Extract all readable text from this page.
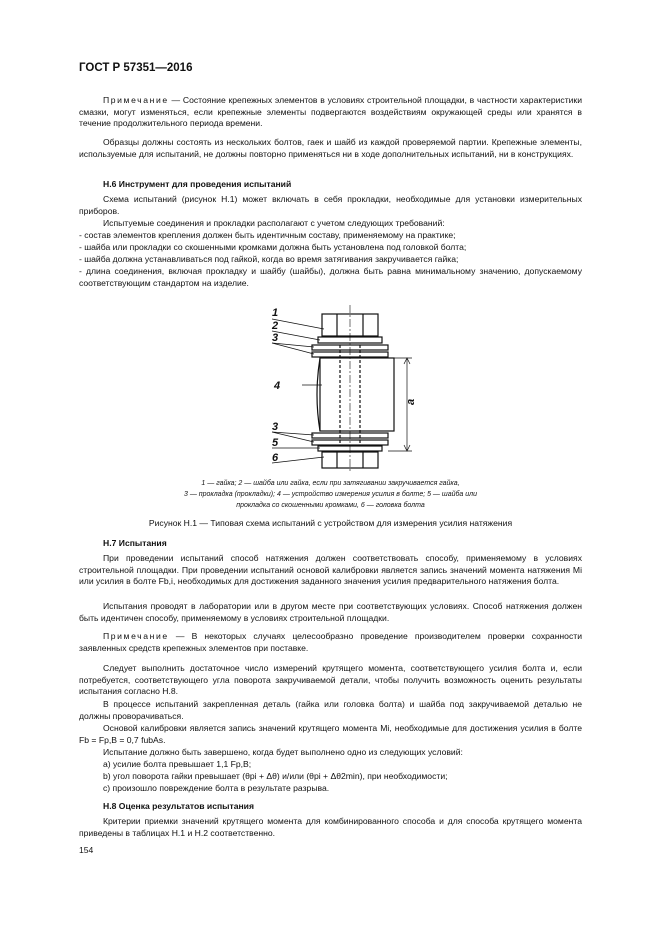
ГОСТ Р 57351—2016

Примечание — Состояние крепежных элементов в условиях строительной площадки, в частности характеристики смазки, могут изменяться, если крепежные элементы подвергаются воздействиям окружающей среды или хранятся в течение продолжительного периода времени.

Образцы должны состоять из нескольких болтов, гаек и шайб из каждой проверяемой партии. Крепежные элементы, используемые для испытаний, не должны повторно применяться ни в ходе дополнительных испытаний, ни в конструкциях.

Н.6 Инструмент для проведения испытаний

Схема испытаний (рисунок Н.1) может включать в себя прокладки, необходимые для установки измерительных приборов.

Испытуемые соединения и прокладки располагают с учетом следующих требований:

- состав элементов крепления должен быть идентичным составу, применяемому на практике;

- шайба или прокладки со скошенными кромками должна быть установлена под головкой болта;

- шайба должна устанавливаться под гайкой, когда во время затягивания закручивается гайка;

- длина соединения, включая прокладку и шайбу (шайбы), должна быть равна минимальному значению, допускаемому соответствующим стандартом на изделие.

1
2
3
4
3
5
6
a
1 — гайка; 2 — шайба или гайка, если при затягивании закручивается гайка,
3 — прокладка (прокладки); 4 — устройство измерения усилия в болте; 5 — шайба или
прокладка со скошенными кромками, 6 — головка болта
Рисунок Н.1 — Типовая схема испытаний с устройством для измерения усилия натяжения
Н.7 Испытания

При проведении испытаний способ натяжения должен соответствовать способу, применяемому в условиях строительной площадки. При проведении испытаний основой калибровки является запись значений момента натяжения Mi или усилия в болте Fb,i, необходимых для достижения заданного значения усилия предварительного натяжения болта.

Испытания проводят в лаборатории или в другом месте при соответствующих условиях. Способ натяжения должен быть идентичен способу, применяемому в условиях строительной площадки.

Примечание — В некоторых случаях целесообразно проведение производителем проверки сохранности заявленных средств крепежных элементов при поставке.

Следует выполнить достаточное число измерений крутящего момента, соответствующего усилия болта и, если потребуется, соответствующего угла поворота закручиваемой детали, чтобы получить возможность оценить результаты испытания согласно Н.8.

В процессе испытаний закрепленная деталь (гайка или головка болта) и шайба под закручиваемой деталью не должны проворачиваться.

Основой калибровки является запись значений крутящего момента Mi, необходимые для достижения усилия в болте Fb = Fp,B = 0,7 fubAs.

Испытание должно быть завершено, когда будет выполнено одно из следующих условий:

a) усилие болта превышает 1,1 Fp,B;

b) угол поворота гайки превышает (θpi + Δθ) и/или (θpi + Δθ2min), при необходимости;

c) произошло повреждение болта в результате разрыва.

Н.8 Оценка результатов испытания

Критерии приемки значений крутящего момента для комбинированного способа и для способа крутящего момента приведены в таблицах Н.1 и Н.2 соответственно.

154
